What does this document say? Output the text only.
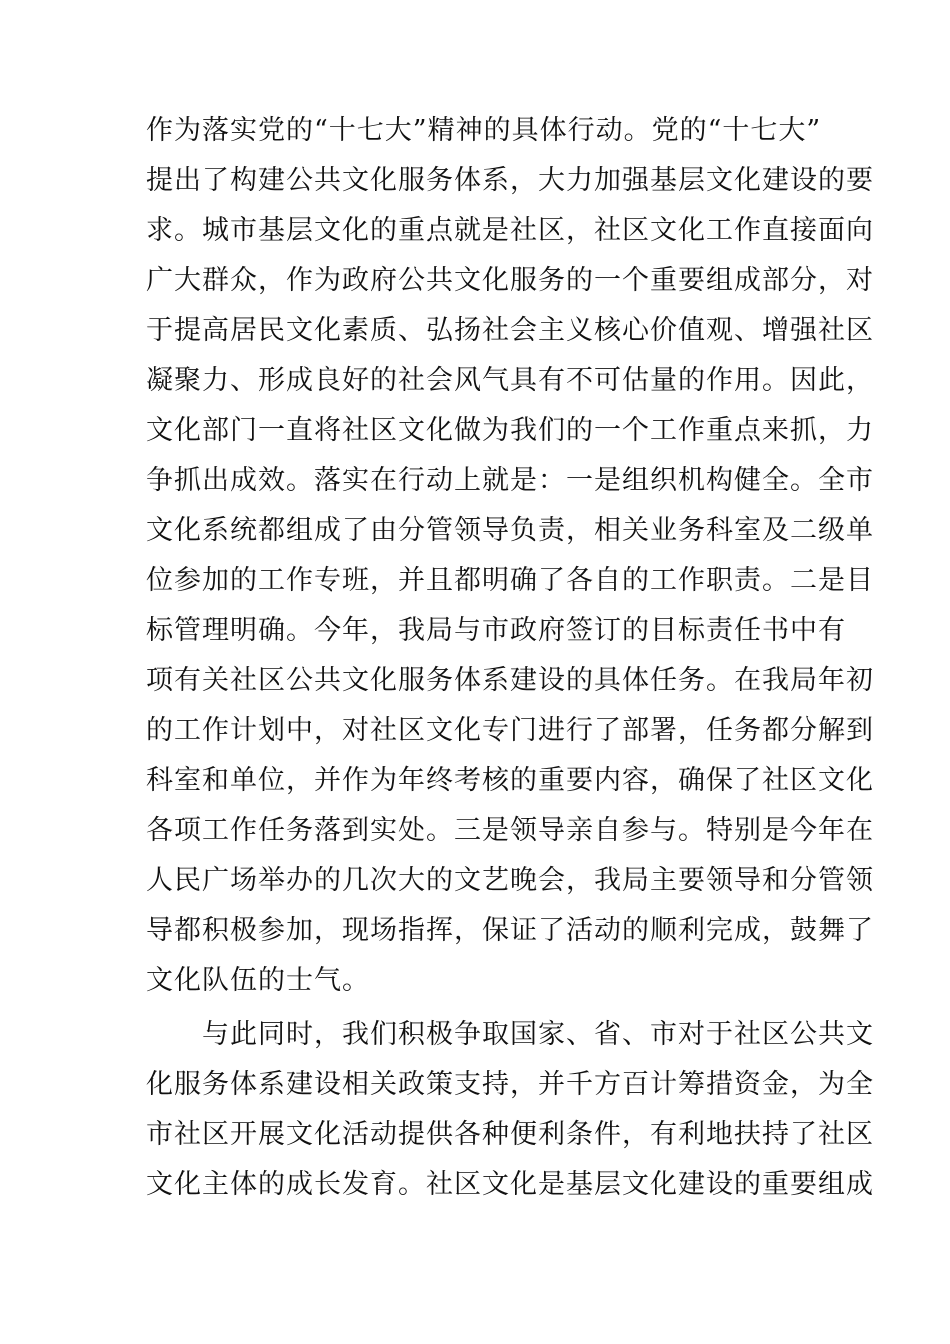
作为落实党的“十七大”精神的具体行动。党的“十七大”
提出了构建公共文化服务体系，大力加强基层文化建设的要
求。城市基层文化的重点就是社区，社区文化工作直接面向
广大群众，作为政府公共文化服务的一个重要组成部分，对
于提高居民文化素质、弘扬社会主义核心价值观、增强社区
凝聚力、形成良好的社会风气具有不可估量的作用。因此，
文化部门一直将社区文化做为我们的一个工作重点来抓，力
争抓出成效。落实在行动上就是：一是组织机构健全。全市
文化系统都组成了由分管领导负责，相关业务科室及二级单
位参加的工作专班，并且都明确了各自的工作职责。二是目
标管理明确。今年，我局与市政府签订的目标责任书中有
项有关社区公共文化服务体系建设的具体任务。在我局年初
的工作计划中，对社区文化专门进行了部署，任务都分解到
科室和单位，并作为年终考核的重要内容，确保了社区文化
各项工作任务落到实处。三是领导亲自参与。特别是今年在
人民广场举办的几次大的文艺晚会，我局主要领导和分管领
导都积极参加，现场指挥，保证了活动的顺利完成，鼓舞了
文化队伍的士气。
　　与此同时，我们积极争取国家、省、市对于社区公共文
化服务体系建设相关政策支持，并千方百计筹措资金，为全
市社区开展文化活动提供各种便利条件，有利地扶持了社区
文化主体的成长发育。社区文化是基层文化建设的重要组成
